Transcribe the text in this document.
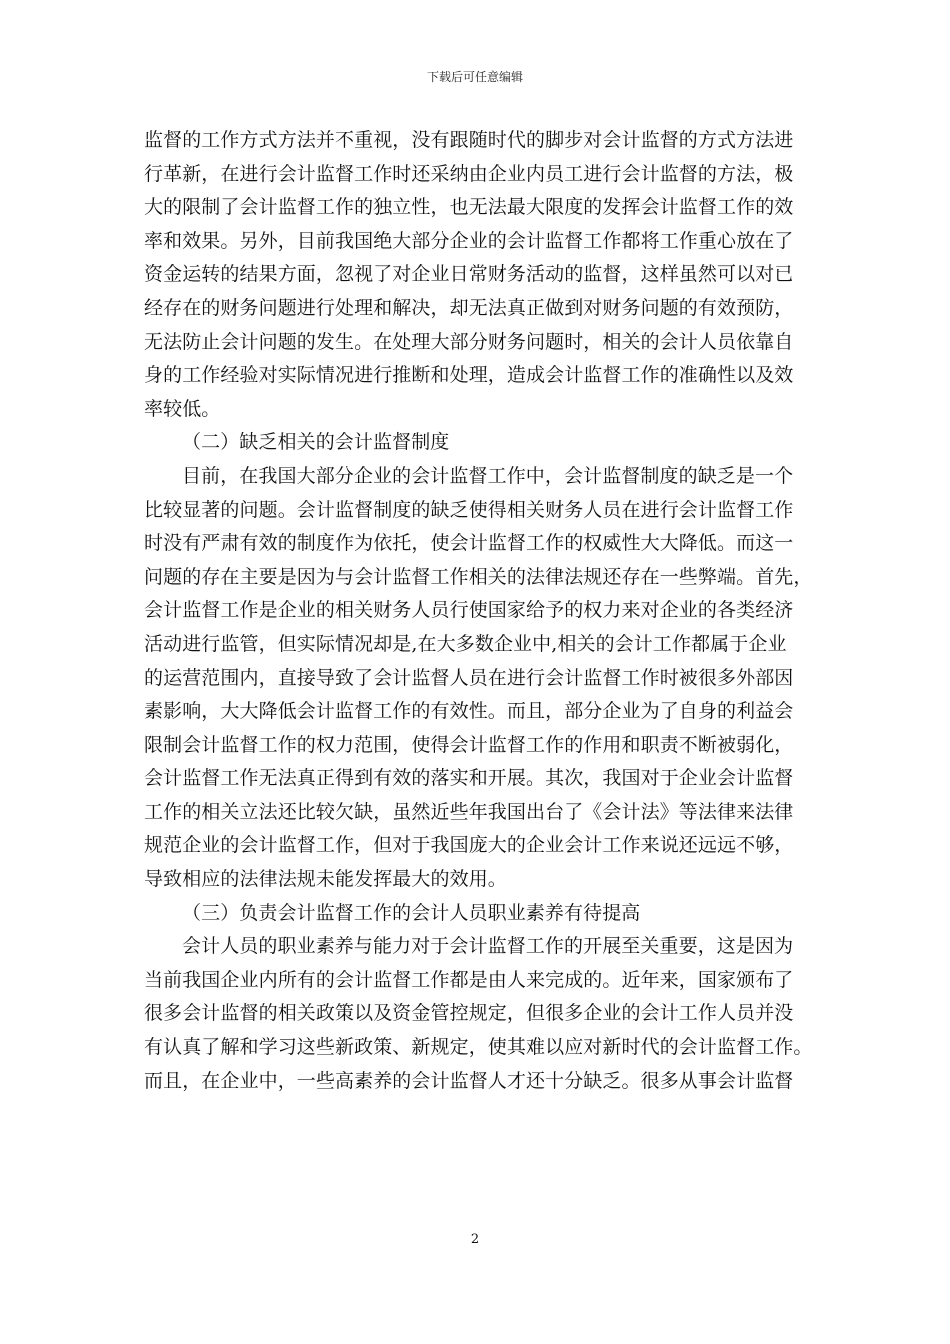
下载后可任意编辑
监督的工作方式方法并不重视，没有跟随时代的脚步对会计监督的方式方法进
行革新，在进行会计监督工作时还采纳由企业内员工进行会计监督的方法，极
大的限制了会计监督工作的独立性，也无法最大限度的发挥会计监督工作的效
率和效果。另外，目前我国绝大部分企业的会计监督工作都将工作重心放在了
资金运转的结果方面，忽视了对企业日常财务活动的监督，这样虽然可以对已
经存在的财务问题进行处理和解决，却无法真正做到对财务问题的有效预防，
无法防止会计问题的发生。在处理大部分财务问题时，相关的会计人员依靠自
身的工作经验对实际情况进行推断和处理，造成会计监督工作的准确性以及效
率较低。
（二）缺乏相关的会计监督制度
目前，在我国大部分企业的会计监督工作中，会计监督制度的缺乏是一个
比较显著的问题。会计监督制度的缺乏使得相关财务人员在进行会计监督工作
时没有严肃有效的制度作为依托，使会计监督工作的权威性大大降低。而这一
问题的存在主要是因为与会计监督工作相关的法律法规还存在一些弊端。首先，
会计监督工作是企业的相关财务人员行使国家给予的权力来对企业的各类经济
活动进行监管，但实际情况却是,在大多数企业中,相关的会计工作都属于企业
的运营范围内，直接导致了会计监督人员在进行会计监督工作时被很多外部因
素影响，大大降低会计监督工作的有效性。而且，部分企业为了自身的利益会
限制会计监督工作的权力范围，使得会计监督工作的作用和职责不断被弱化，
会计监督工作无法真正得到有效的落实和开展。其次，我国对于企业会计监督
工作的相关立法还比较欠缺，虽然近些年我国出台了《会计法》等法律来法律
规范企业的会计监督工作，但对于我国庞大的企业会计工作来说还远远不够，
导致相应的法律法规未能发挥最大的效用。
（三）负责会计监督工作的会计人员职业素养有待提高
会计人员的职业素养与能力对于会计监督工作的开展至关重要，这是因为
当前我国企业内所有的会计监督工作都是由人来完成的。近年来，国家颁布了
很多会计监督的相关政策以及资金管控规定，但很多企业的会计工作人员并没
有认真了解和学习这些新政策、新规定，使其难以应对新时代的会计监督工作。
而且，在企业中，一些高素养的会计监督人才还十分缺乏。很多从事会计监督
2
